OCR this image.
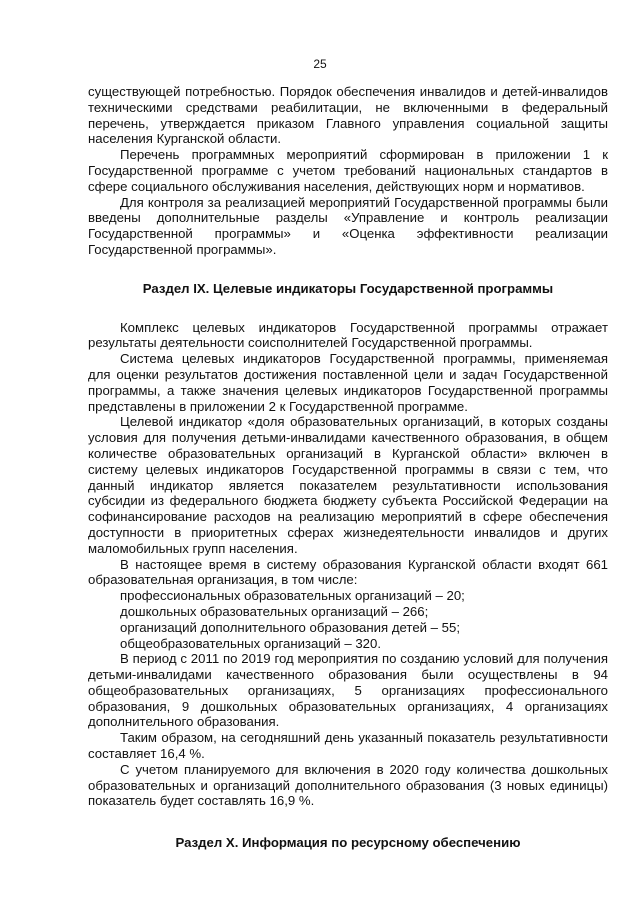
25

существующей потребностью. Порядок обеспечения инвалидов и детей-инвалидов техническими средствами реабилитации, не включенными в федеральный перечень, утверждается приказом Главного управления социальной защиты населения Курганской области.

Перечень программных мероприятий сформирован в приложении 1 к Государственной программе с учетом требований национальных стандартов в сфере социального обслуживания населения, действующих норм и нормативов.

Для контроля за реализацией мероприятий Государственной программы были введены дополнительные разделы «Управление и контроль реализации Государственной программы» и «Оценка эффективности реализации Государственной программы».

Раздел IX. Целевые индикаторы Государственной программы

Комплекс целевых индикаторов Государственной программы отражает результаты деятельности соисполнителей Государственной программы.

Система целевых индикаторов Государственной программы, применяемая для оценки результатов достижения поставленной цели и задач Государственной программы, а также значения целевых индикаторов Государственной программы представлены в приложении 2 к Государственной программе.

Целевой индикатор «доля образовательных организаций, в которых созданы условия для получения детьми-инвалидами качественного образования, в общем количестве образовательных организаций в Курганской области» включен в систему целевых индикаторов Государственной программы в связи с тем, что данный индикатор является показателем результативности использования субсидии из федерального бюджета бюджету субъекта Российской Федерации на софинансирование расходов на реализацию мероприятий в сфере обеспечения доступности в приоритетных сферах жизнедеятельности инвалидов и других маломобильных групп населения.

В настоящее время в систему образования Курганской области входят 661 образовательная организация, в том числе:

профессиональных образовательных организаций – 20;

дошкольных образовательных организаций – 266;

организаций дополнительного образования детей – 55;

общеобразовательных организаций – 320.

В период с 2011 по 2019 год мероприятия по созданию условий для получения детьми-инвалидами качественного образования были осуществлены в 94 общеобразовательных организациях, 5 организациях профессионального образования, 9 дошкольных образовательных организациях, 4 организациях дополнительного образования.

Таким образом, на сегодняшний день указанный показатель результативности составляет 16,4 %.

С учетом планируемого для включения в 2020 году количества дошкольных образовательных и организаций дополнительного образования (3 новых единицы) показатель будет составлять 16,9 %.

Раздел X. Информация по ресурсному обеспечению
